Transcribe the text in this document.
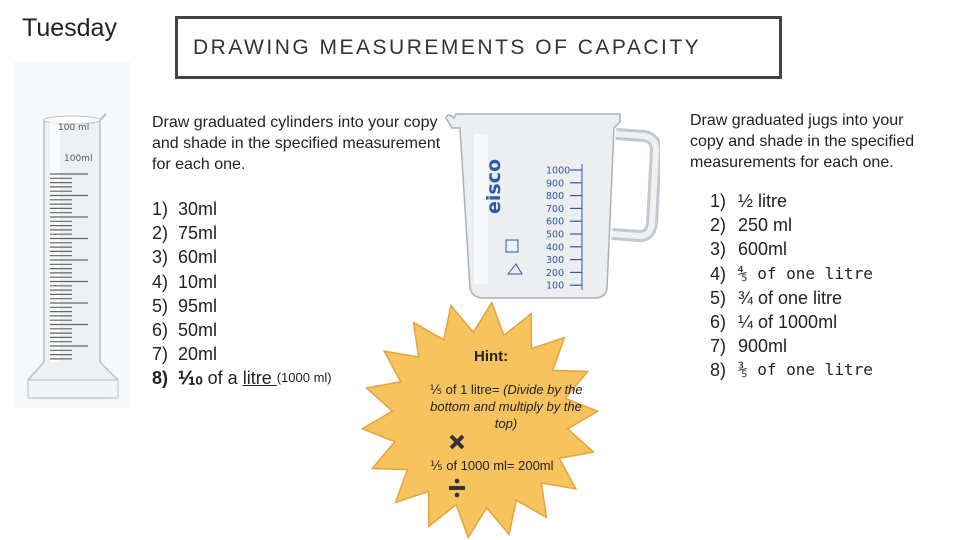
Tuesday
DRAWING MEASUREMENTS OF CAPACITY
100 ml
100ml
Draw graduated cylinders into your copy and shade in the specified measurement for each one.
1) 30ml
2) 75ml
3) 60ml
4) 10ml
5) 95ml
6) 50ml
7) 20ml
8) ⅒ of a litre (1000 ml)
eisco	1000
900
800
700
600
500
400
300
200
100
Draw graduated jugs into your copy and shade in the specified measurements for each one.
1) ½ litre
2) 250 ml
3) 600ml
4) ⅘ of one litre
5) ¾ of one litre
6) ¼ of 1000ml
7) 900ml
8) ⅗ of one litre
Hint:
⅕ of 1 litre= (Divide by the bottom and multiply by the top)
⅕ of 1000 ml= 200ml
